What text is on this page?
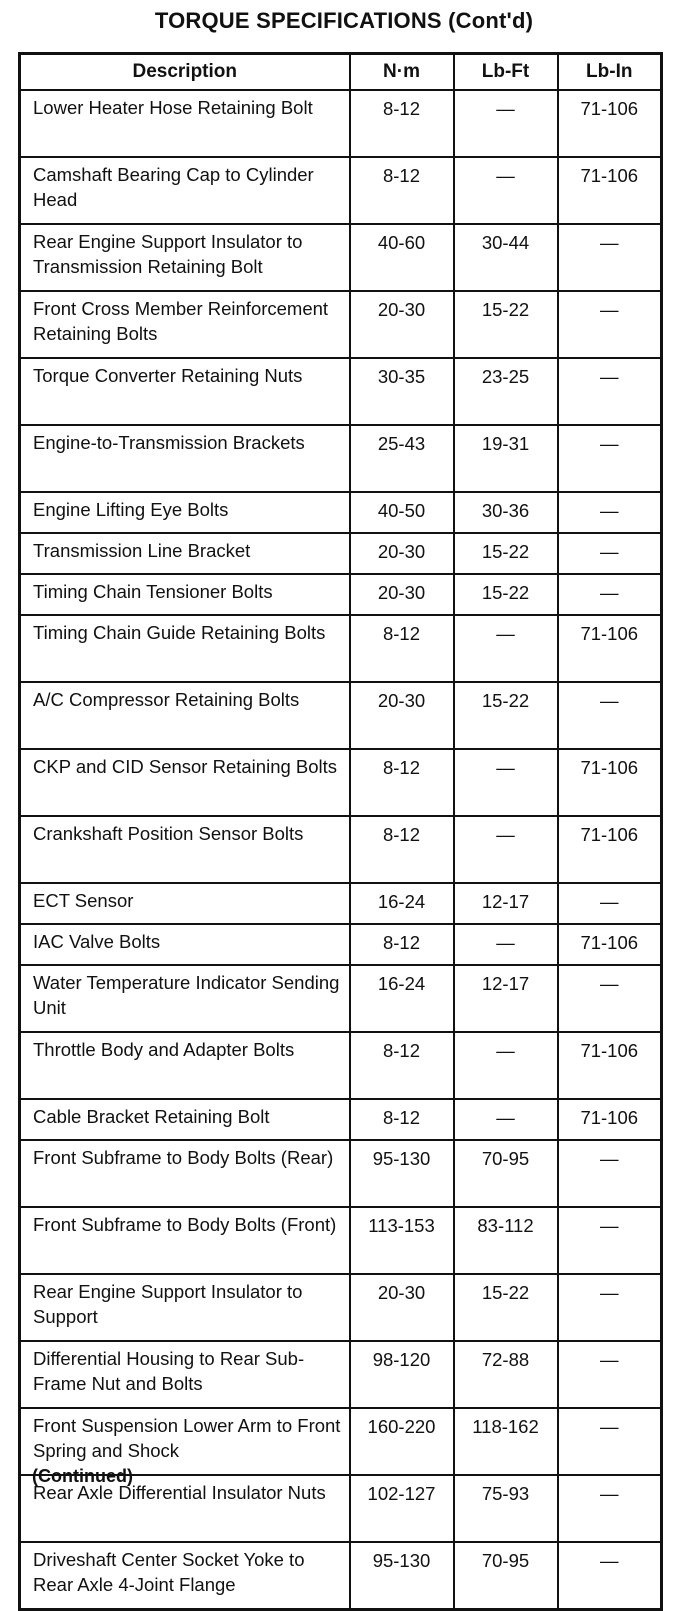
TORQUE SPECIFICATIONS (Cont'd)
Description	N·m	Lb-Ft	Lb-In
Lower Heater Hose Retaining Bolt	8-12	—	71-106
Camshaft Bearing Cap to Cylinder Head	8-12	—	71-106
Rear Engine Support Insulator to Transmission Retaining Bolt	40-60	30-44	—
Front Cross Member Reinforcement Retaining Bolts	20-30	15-22	—
Torque Converter Retaining Nuts	30-35	23-25	—
Engine-to-Transmission Brackets	25-43	19-31	—
Engine Lifting Eye Bolts	40-50	30-36	—
Transmission Line Bracket	20-30	15-22	—
Timing Chain Tensioner Bolts	20-30	15-22	—
Timing Chain Guide Retaining Bolts	8-12	—	71-106
A/C Compressor Retaining Bolts	20-30	15-22	—
CKP and CID Sensor Retaining Bolts	8-12	—	71-106
Crankshaft Position Sensor Bolts	8-12	—	71-106
ECT Sensor	16-24	12-17	—
IAC Valve Bolts	8-12	—	71-106
Water Temperature Indicator Sending Unit	16-24	12-17	—
Throttle Body and Adapter Bolts	8-12	—	71-106
Cable Bracket Retaining Bolt	8-12	—	71-106
Front Subframe to Body Bolts (Rear)	95-130	70-95	—
Front Subframe to Body Bolts (Front)	113-153	83-112	—
Rear Engine Support Insulator to Support	20-30	15-22	—
Differential Housing to Rear Sub-Frame Nut and Bolts	98-120	72-88	—
Front Suspension Lower Arm to Front Spring and Shock	160-220	118-162	—
Rear Axle Differential Insulator Nuts	102-127	75-93	—
Driveshaft Center Socket Yoke to Rear Axle 4-Joint Flange	95-130	70-95	—
(Continued)
